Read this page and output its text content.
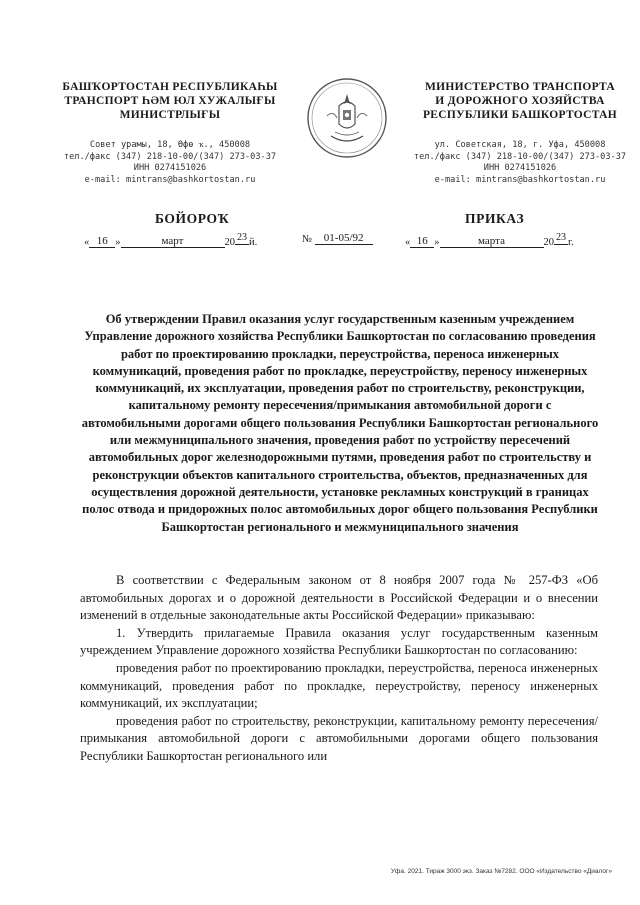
БАШҠОРТОСТАН РЕСПУБЛИКАҺЫ
ТРАНСПОРТ ҺӘМ ЮЛ ХУЖАЛЫҒЫ
МИНИСТРЛЫҒЫ
Совет урамы, 18, Өфө ҡ., 450008
тел./факс (347) 218-10-00/(347) 273-03-37
ИНН 0274151026
e-mail: mintrans@bashkortostan.ru
МИНИСТЕРСТВО ТРАНСПОРТА
И ДОРОЖНОГО ХОЗЯЙСТВА
РЕСПУБЛИКИ БАШКОРТОСТАН
ул. Советская, 18, г. Уфа, 450008
тел./факс (347) 218-10-00/(347) 273-03-37
ИНН 0274151026
e-mail: mintrans@bashkortostan.ru
БОЙОРОҠ	ПРИКАЗ
« 16 »	март	20 23 й.	№ 01-05/92	« 16 »	марта	20 23 г.
Об утверждении Правил оказания услуг государственным казенным учреждением Управление дорожного хозяйства Республики Башкортостан по согласованию проведения работ по проектированию прокладки, переустройства, переноса инженерных коммуникаций, проведения работ по прокладке, переустройству, переносу инженерных коммуникаций, их эксплуатации, проведения работ по строительству, реконструкции, капитальному ремонту пересечения/примыкания автомобильной дороги с автомобильными дорогами общего пользования Республики Башкортостан регионального или межмуниципального значения, проведения работ по устройству пересечений автомобильных дорог железнодорожными путями, проведения работ по строительству и реконструкции объектов капитального строительства, объектов, предназначенных для осуществления дорожной деятельности, установке рекламных конструкций в границах полос отвода и придорожных полос автомобильных дорог общего пользования Республики Башкортостан регионального и межмуниципального значения

В соответствии с Федеральным законом от 8 ноября 2007 года № 257-ФЗ «Об автомобильных дорогах и о дорожной деятельности в Российской Федерации и о внесении изменений в отдельные законодательные акты Российской Федерации» приказываю:

1. Утвердить прилагаемые Правила оказания услуг государственным казенным учреждением Управление дорожного хозяйства Республики Башкортостан по согласованию:

проведения работ по проектированию прокладки, переустройства, переноса инженерных коммуникаций, проведения работ по прокладке, переустройству, переносу инженерных коммуникаций, их эксплуатации;

проведения работ по строительству, реконструкции, капитальному ремонту пересечения/примыкания автомобильной дороги с автомобильными дорогами общего пользования Республики Башкортостан регионального или

Уфа. 2021. Тираж 3000 экз. Заказ №7282. ООО «Издательство «Диалог»
